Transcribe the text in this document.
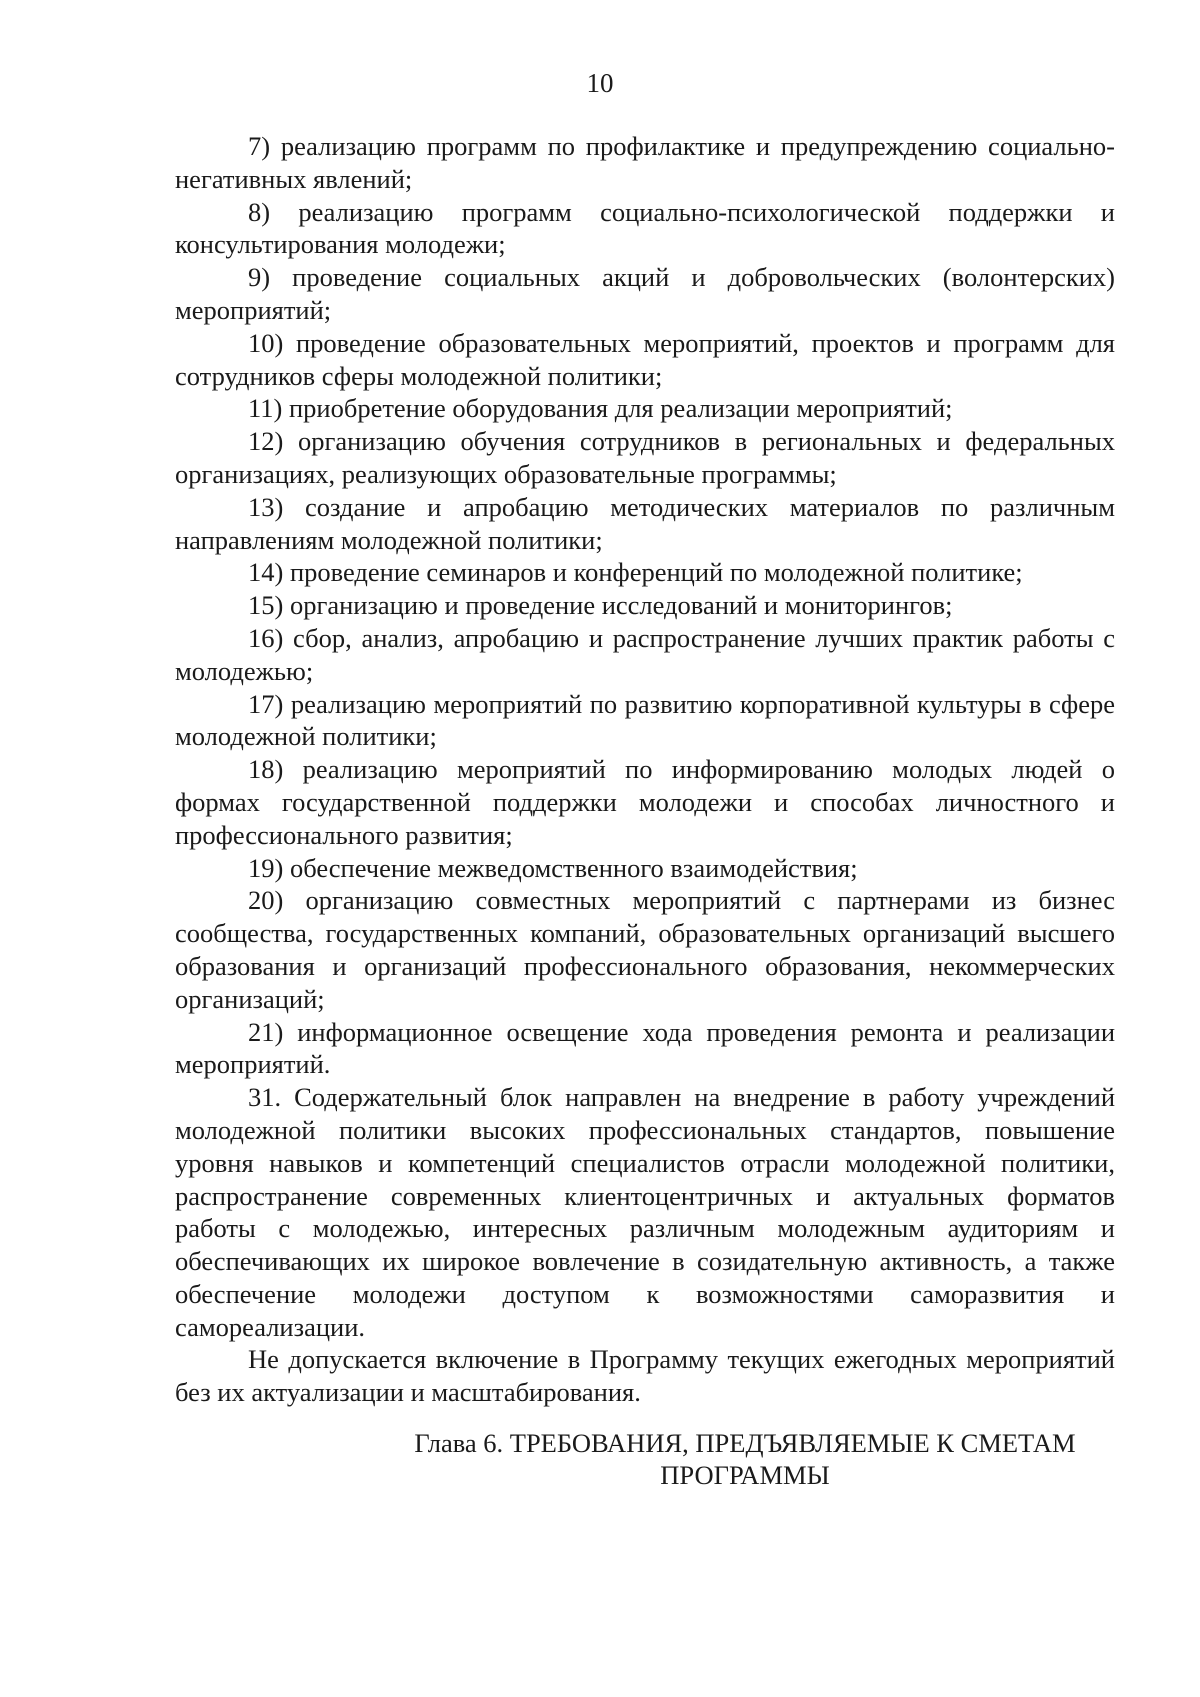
10

7) реализацию программ по профилактике и предупреждению социально-негативных явлений;

8) реализацию программ социально-психологической поддержки и консультирования молодежи;

9) проведение социальных акций и добровольческих (волонтерских) мероприятий;

10) проведение образовательных мероприятий, проектов и программ для сотрудников сферы молодежной политики;

11) приобретение оборудования для реализации мероприятий;

12) организацию обучения сотрудников в региональных и федеральных организациях, реализующих образовательные программы;

13) создание и апробацию методических материалов по различным направлениям молодежной политики;

14) проведение семинаров и конференций по молодежной политике;

15) организацию и проведение исследований и мониторингов;

16) сбор, анализ, апробацию и распространение лучших практик работы с молодежью;

17) реализацию мероприятий по развитию корпоративной культуры в сфере молодежной политики;

18) реализацию мероприятий по информированию молодых людей о формах государственной поддержки молодежи и способах личностного и профессионального развития;

19) обеспечение межведомственного взаимодействия;

20) организацию совместных мероприятий с партнерами из бизнес сообщества, государственных компаний, образовательных организаций высшего образования и организаций профессионального образования, некоммерческих организаций;

21) информационное освещение хода проведения ремонта и реализации мероприятий.

31. Содержательный блок направлен на внедрение в работу учреждений молодежной политики высоких профессиональных стандартов, повышение уровня навыков и компетенций специалистов отрасли молодежной политики, распространение современных клиентоцентричных и актуальных форматов работы с молодежью, интересных различным молодежным аудиториям и обеспечивающих их широкое вовлечение в созидательную активность, а также обеспечение молодежи доступом к возможностями саморазвития и самореализации.

Не допускается включение в Программу текущих ежегодных мероприятий без их актуализации и масштабирования.

Глава 6. ТРЕБОВАНИЯ, ПРЕДЪЯВЛЯЕМЫЕ К СМЕТАМ
ПРОГРАММЫ
